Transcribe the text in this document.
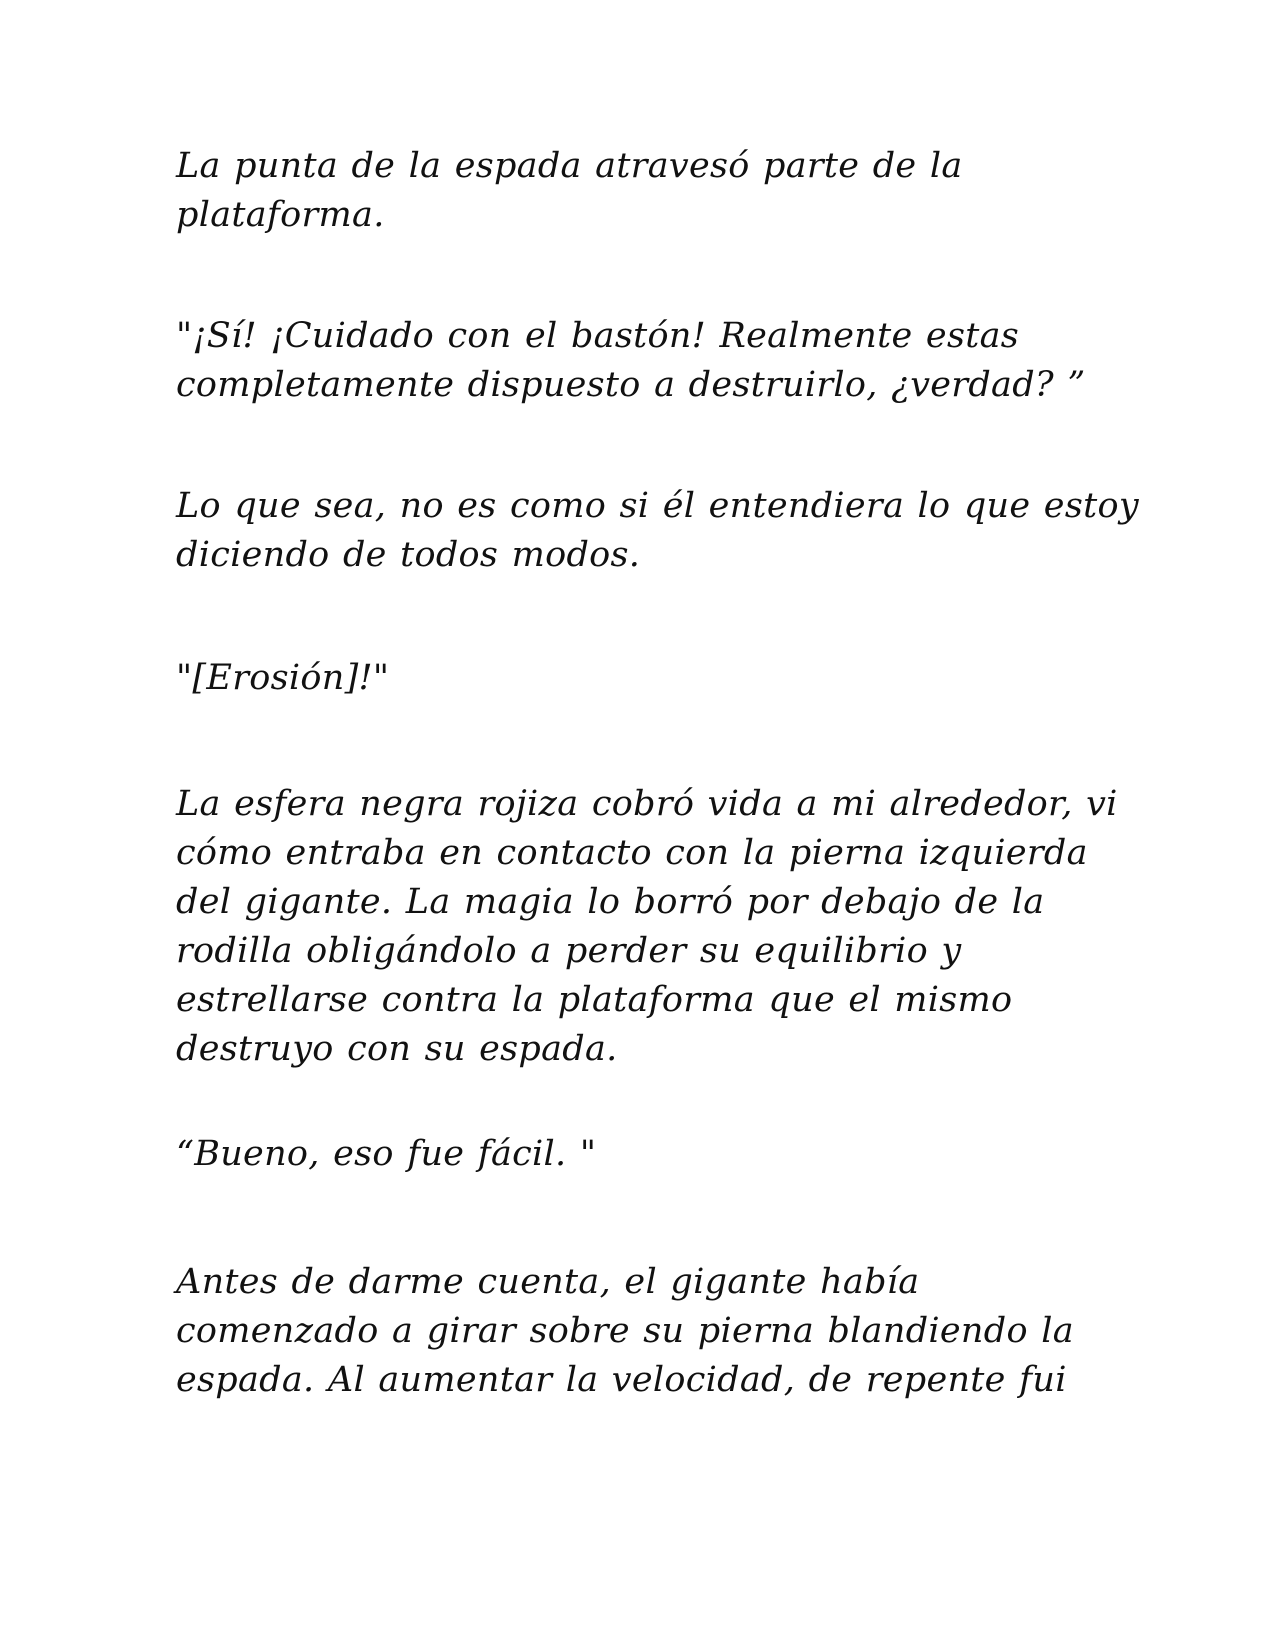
La punta de la espada atravesó parte de la
plataforma.

"¡Sí! ¡Cuidado con el bastón! Realmente estas
completamente dispuesto a destruirlo, ¿verdad? ”

Lo que sea, no es como si él entendiera lo que estoy
diciendo de todos modos.

"[Erosión]!"

La esfera negra rojiza cobró vida a mi alrededor, vi
cómo entraba en contacto con la pierna izquierda
del gigante. La magia lo borró por debajo de la
rodilla obligándolo a perder su equilibrio y
estrellarse contra la plataforma que el mismo
destruyo con su espada.

“Bueno, eso fue fácil. "

Antes de darme cuenta, el gigante había
comenzado a girar sobre su pierna blandiendo la
espada. Al aumentar la velocidad, de repente fui
